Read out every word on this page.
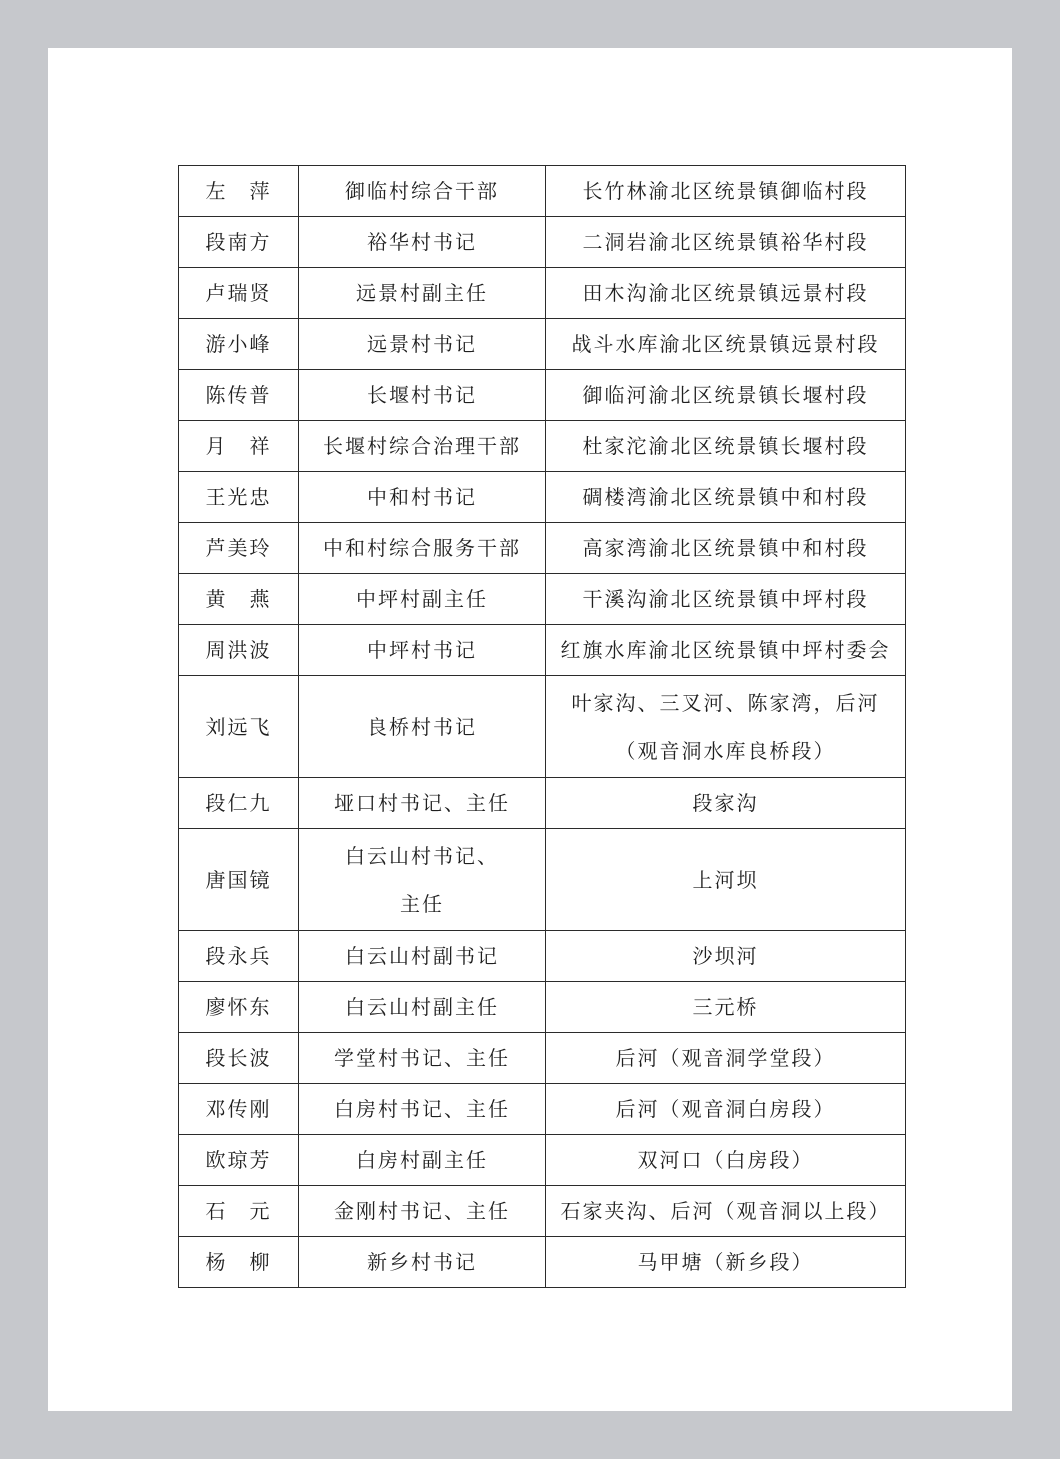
左　萍	御临村综合干部	长竹林渝北区统景镇御临村段
段南方	裕华村书记	二洞岩渝北区统景镇裕华村段
卢瑞贤	远景村副主任	田木沟渝北区统景镇远景村段
游小峰	远景村书记	战斗水库渝北区统景镇远景村段
陈传普	长堰村书记	御临河渝北区统景镇长堰村段
月　祥	长堰村综合治理干部	杜家沱渝北区统景镇长堰村段
王光忠	中和村书记	碉楼湾渝北区统景镇中和村段
芦美玲	中和村综合服务干部	高家湾渝北区统景镇中和村段
黄　燕	中坪村副主任	干溪沟渝北区统景镇中坪村段
周洪波	中坪村书记	红旗水库渝北区统景镇中坪村委会
刘远飞	良桥村书记	叶家沟、三叉河、陈家湾，后河（观音洞水库良桥段）
段仁九	垭口村书记、主任	段家沟
唐国镜	白云山村书记、主任	上河坝
段永兵	白云山村副书记	沙坝河
廖怀东	白云山村副主任	三元桥
段长波	学堂村书记、主任	后河（观音洞学堂段）
邓传刚	白房村书记、主任	后河（观音洞白房段）
欧琼芳	白房村副主任	双河口（白房段）
石　元	金刚村书记、主任	石家夹沟、后河（观音洞以上段）
杨　柳	新乡村书记	马甲塘（新乡段）
